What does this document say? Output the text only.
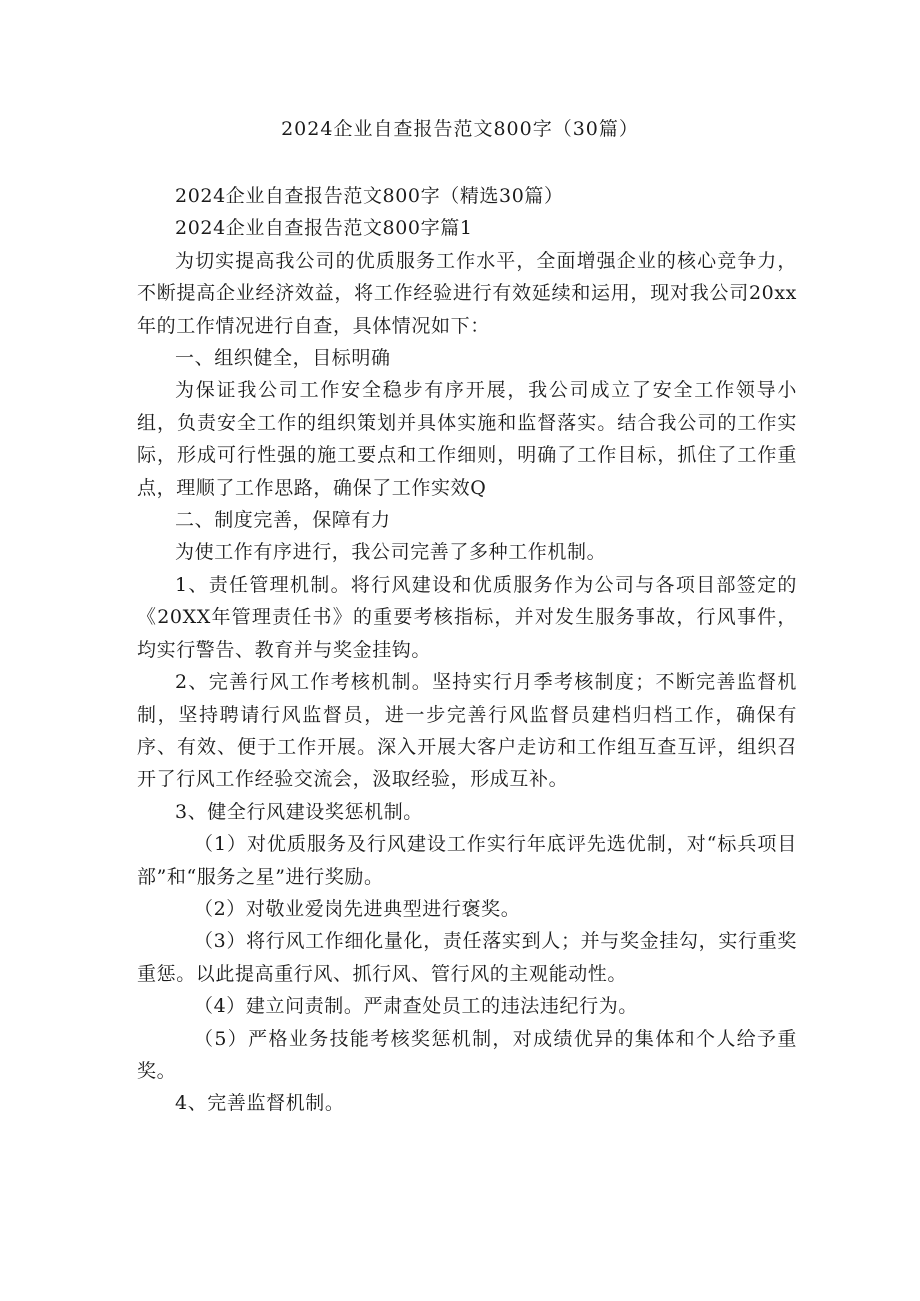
2024企业自查报告范文800字（30篇）

2024企业自查报告范文800字（精选30篇）

2024企业自查报告范文800字篇1

为切实提高我公司的优质服务工作水平，全面增强企业的核心竞争力，不断提高企业经济效益，将工作经验进行有效延续和运用，现对我公司20xx年的工作情况进行自查，具体情况如下：

一、组织健全，目标明确

为保证我公司工作安全稳步有序开展，我公司成立了安全工作领导小组，负责安全工作的组织策划并具体实施和监督落实。结合我公司的工作实际，形成可行性强的施工要点和工作细则，明确了工作目标，抓住了工作重点，理顺了工作思路，确保了工作实效Q

二、制度完善，保障有力

为使工作有序进行，我公司完善了多种工作机制。

1、责任管理机制。将行风建设和优质服务作为公司与各项目部签定的《20XX年管理责任书》的重要考核指标，并对发生服务事故，行风事件，均实行警告、教育并与奖金挂钩。

2、完善行风工作考核机制。坚持实行月季考核制度；不断完善监督机制，坚持聘请行风监督员，进一步完善行风监督员建档归档工作，确保有序、有效、便于工作开展。深入开展大客户走访和工作组互查互评，组织召开了行风工作经验交流会，汲取经验，形成互补。

3、健全行风建设奖惩机制。

（1）对优质服务及行风建设工作实行年底评先选优制，对“标兵项目部”和“服务之星”进行奖励。

（2）对敬业爱岗先进典型进行褒奖。

（3）将行风工作细化量化，责任落实到人；并与奖金挂勾，实行重奖重惩。以此提高重行风、抓行风、管行风的主观能动性。

（4）建立问责制。严肃查处员工的违法违纪行为。

（5）严格业务技能考核奖惩机制，对成绩优异的集体和个人给予重奖。

4、完善监督机制。
